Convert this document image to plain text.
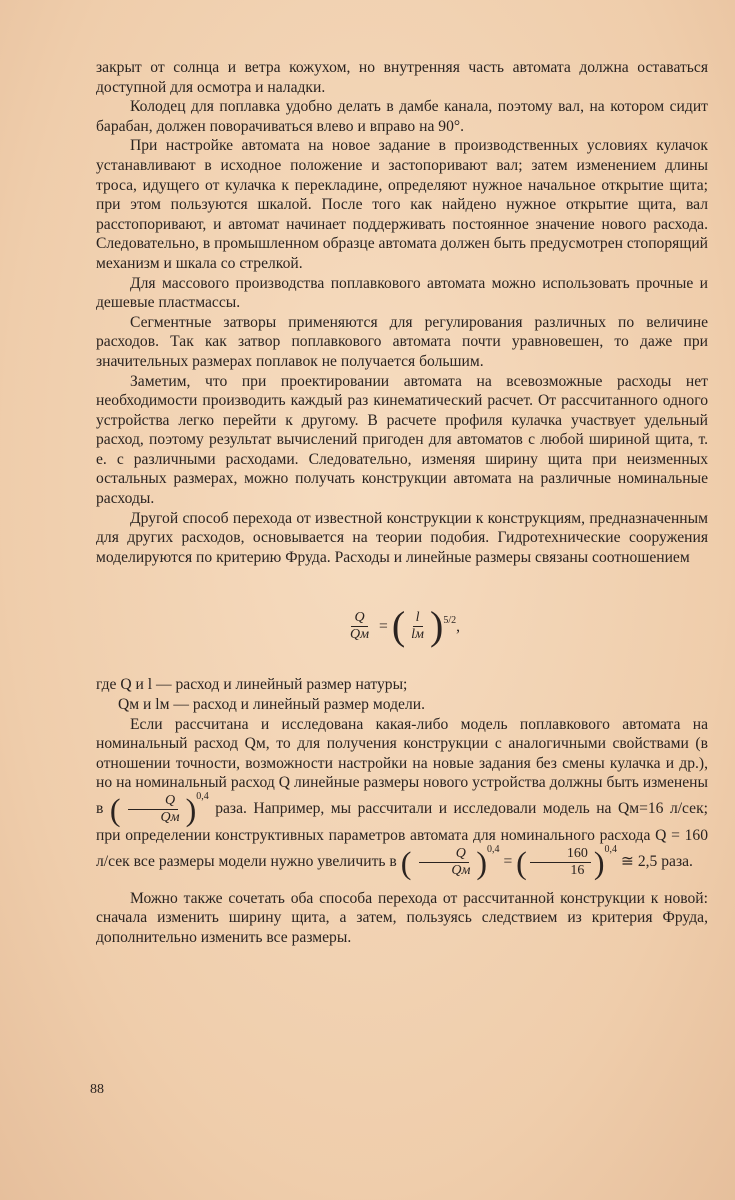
закрыт от солнца и ветра кожухом, но внутренняя часть автомата должна оставаться доступной для осмотра и наладки.

Колодец для поплавка удобно делать в дамбе канала, поэтому вал, на котором сидит барабан, должен поворачиваться влево и вправо на 90°.

При настройке автомата на новое задание в производственных условиях кулачок устанавливают в исходное положение и застопоривают вал; затем изменением длины троса, идущего от кулачка к перекладине, определяют нужное начальное открытие щита; при этом пользуются шкалой. После того как найдено нужное открытие щита, вал расстопоривают, и автомат начинает поддерживать постоянное значение нового расхода. Следовательно, в промышленном образце автомата должен быть предусмотрен стопорящий механизм и шкала со стрелкой.

Для массового производства поплавкового автомата можно использовать прочные и дешевые пластмассы.

Сегментные затворы применяются для регулирования различных по величине расходов. Так как затвор поплавкового автомата почти уравновешен, то даже при значительных размерах поплавок не получается большим.

Заметим, что при проектировании автомата на всевозможные расходы нет необходимости производить каждый раз кинематический расчет. От рассчитанного одного устройства легко перейти к другому. В расчете профиля кулачка участвует удельный расход, поэтому результат вычислений пригоден для автоматов с любой шириной щита, т. е. с различными расходами. Следовательно, изменяя ширину щита при неизменных остальных размерах, можно получать конструкции автомата на различные номинальные расходы.

Другой способ перехода от известной конструкции к конструкциям, предназначенным для других расходов, основывается на теории подобия. Гидротехнические сооружения моделируются по критерию Фруда. Расходы и линейные размеры связаны соотношением

$\frac{Q}{Qм}$ = ( $\frac{l}{lм} )^{5/2}$ ,

где Q и l — расход и линейный размер натуры;

Qм и lм — расход и линейный размер модели.

Если рассчитана и исследована какая-либо модель поплавкового автомата на номинальный расход Qм, то для получения конструкции с аналогичными свойствами (в отношении точности, возможности настройки на новые задания без смены кулачка и др.), но на номинальный расход Q линейные размеры нового устройства должны быть изменены в ( $\frac{Q}{Qм} )^{0,4}$ раза. Например, мы рассчитали и исследовали модель на Qм=16 л/сек; при определении конструктивных параметров автомата для номинального расхода Q = 160 л/сек все размеры модели нужно увеличить в ( $\frac{Q}{Qм} )^{0,4}$ = ( $\frac{160}{16} )^{0,4}$ ≅ 2,5 раза.

Можно также сочетать оба способа перехода от рассчитанной конструкции к новой: сначала изменить ширину щита, а затем, пользуясь следствием из критерия Фруда, дополнительно изменить все размеры.

88
